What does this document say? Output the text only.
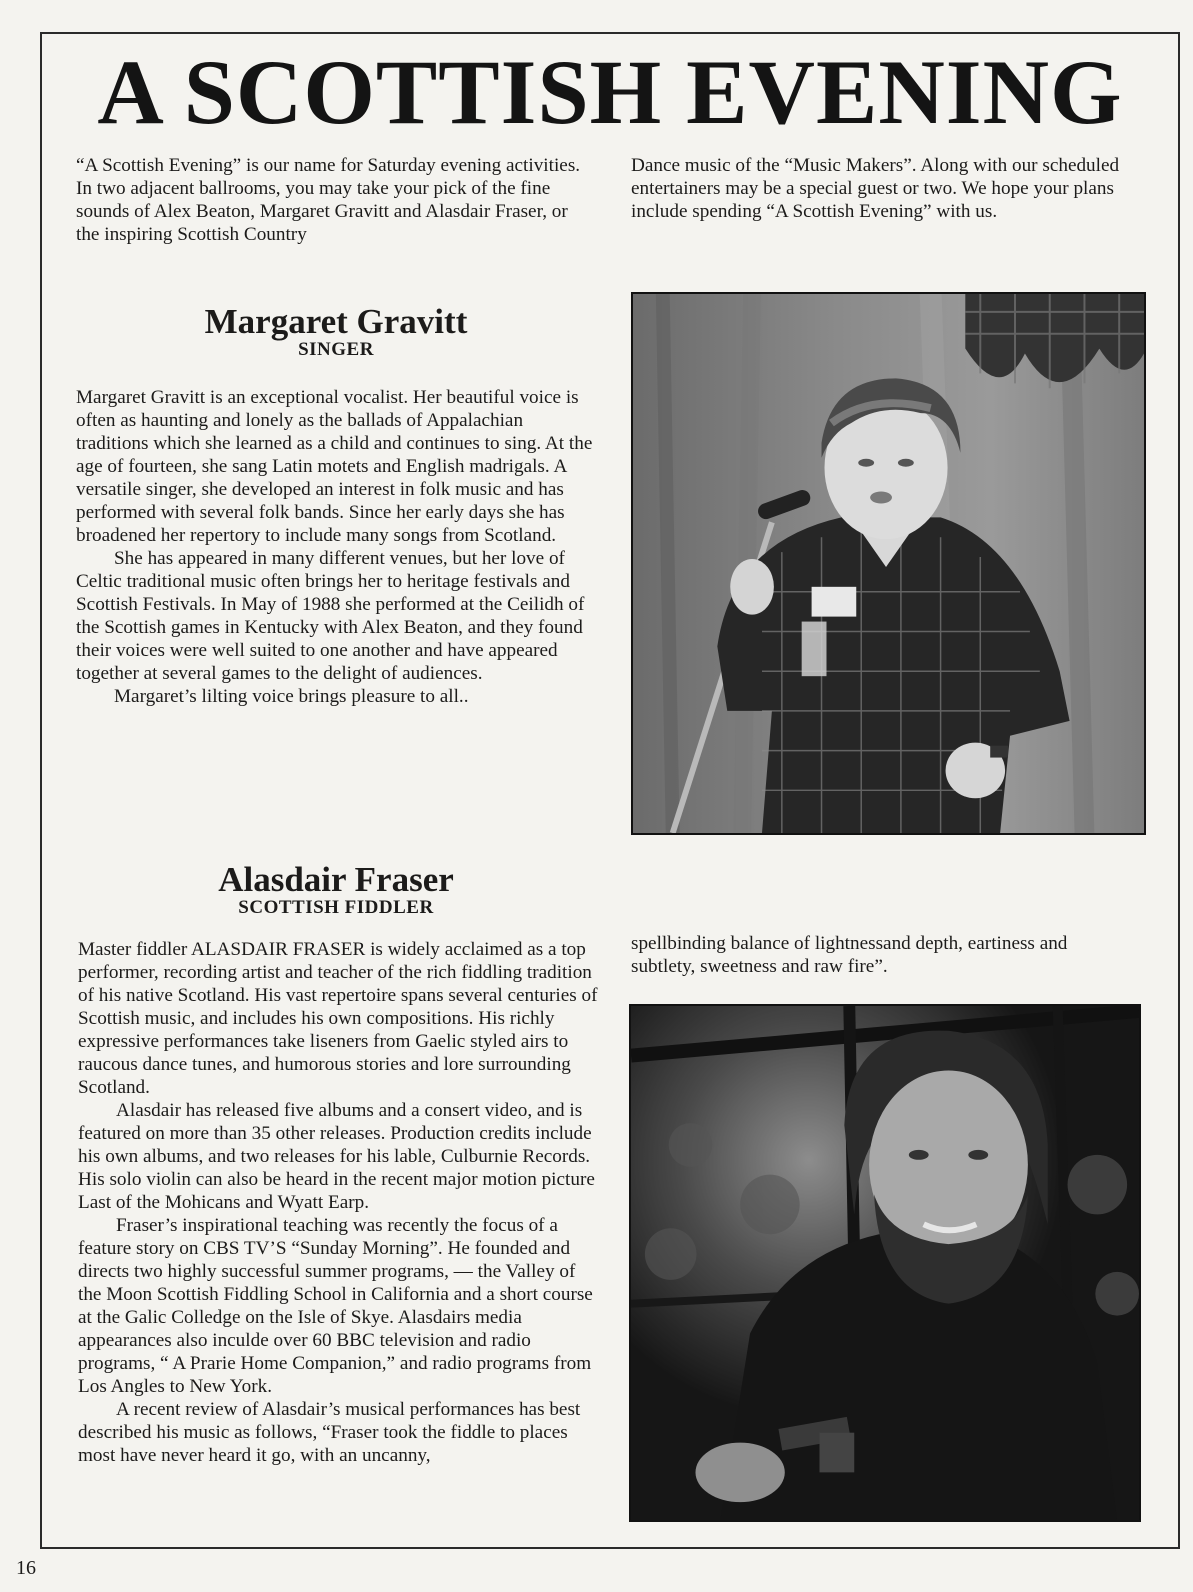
A SCOTTISH EVENING

“A Scottish Evening” is our name for Saturday evening activities. In two adjacent ballrooms, you may take your pick of the fine sounds of Alex Beaton, Margaret Gravitt and Alasdair Fraser, or the inspiring Scottish Country

Dance music of the “Music Makers”. Along with our scheduled entertainers may be a special guest or two. We hope your plans include spending “A Scottish Evening” with us.

Margaret Gravitt
SINGER

Margaret Gravitt is an exceptional vocalist. Her beautiful voice is often as haunting and lonely as the ballads of Appalachian traditions which she learned as a child and continues to sing. At the age of fourteen, she sang Latin motets and English madrigals. A versatile singer, she developed an interest in folk music and has performed with several folk bands. Since her early days she has broadened her repertory to include many songs from Scotland.

She has appeared in many different venues, but her love of Celtic traditional music often brings her to heritage festivals and Scottish Festivals. In May of 1988 she performed at the Ceilidh of the Scottish games in Kentucky with Alex Beaton, and they found their voices were well suited to one another and have appeared together at several games to the delight of audiences.

Margaret’s lilting voice brings pleasure to all..

Alasdair Fraser
SCOTTISH FIDDLER

Master fiddler ALASDAIR FRASER is widely acclaimed as a top performer, recording artist and teacher of the rich fiddling tradition of his native Scotland. His vast repertoire spans several centuries of Scottish music, and includes his own compositions. His richly expressive performances take liseners from Gaelic styled airs to raucous dance tunes, and humorous stories and lore surrounding Scotland.

Alasdair has released five albums and a consert video, and is featured on more than 35 other releases. Production credits include his own albums, and two releases for his lable, Culburnie Records. His solo violin can also be heard in the recent major motion picture Last of the Mohicans and Wyatt Earp.

Fraser’s inspirational teaching was recently the focus of a feature story on CBS TV’S “Sunday Morning”. He founded and directs two highly successful summer programs, — the Valley of the Moon Scottish Fiddling School in California and a short course at the Galic Colledge on the Isle of Skye. Alasdairs media appearances also inculde over 60 BBC television and radio programs, “ A Prarie Home Companion,” and radio programs from Los Angles to New York.

A recent review of Alasdair’s musical performances has best described his music as follows, “Fraser took the fiddle to places most have never heard it go, with an uncanny,

spellbinding balance of lightnessand depth, eartiness and subtlety, sweetness and raw fire”.

16
